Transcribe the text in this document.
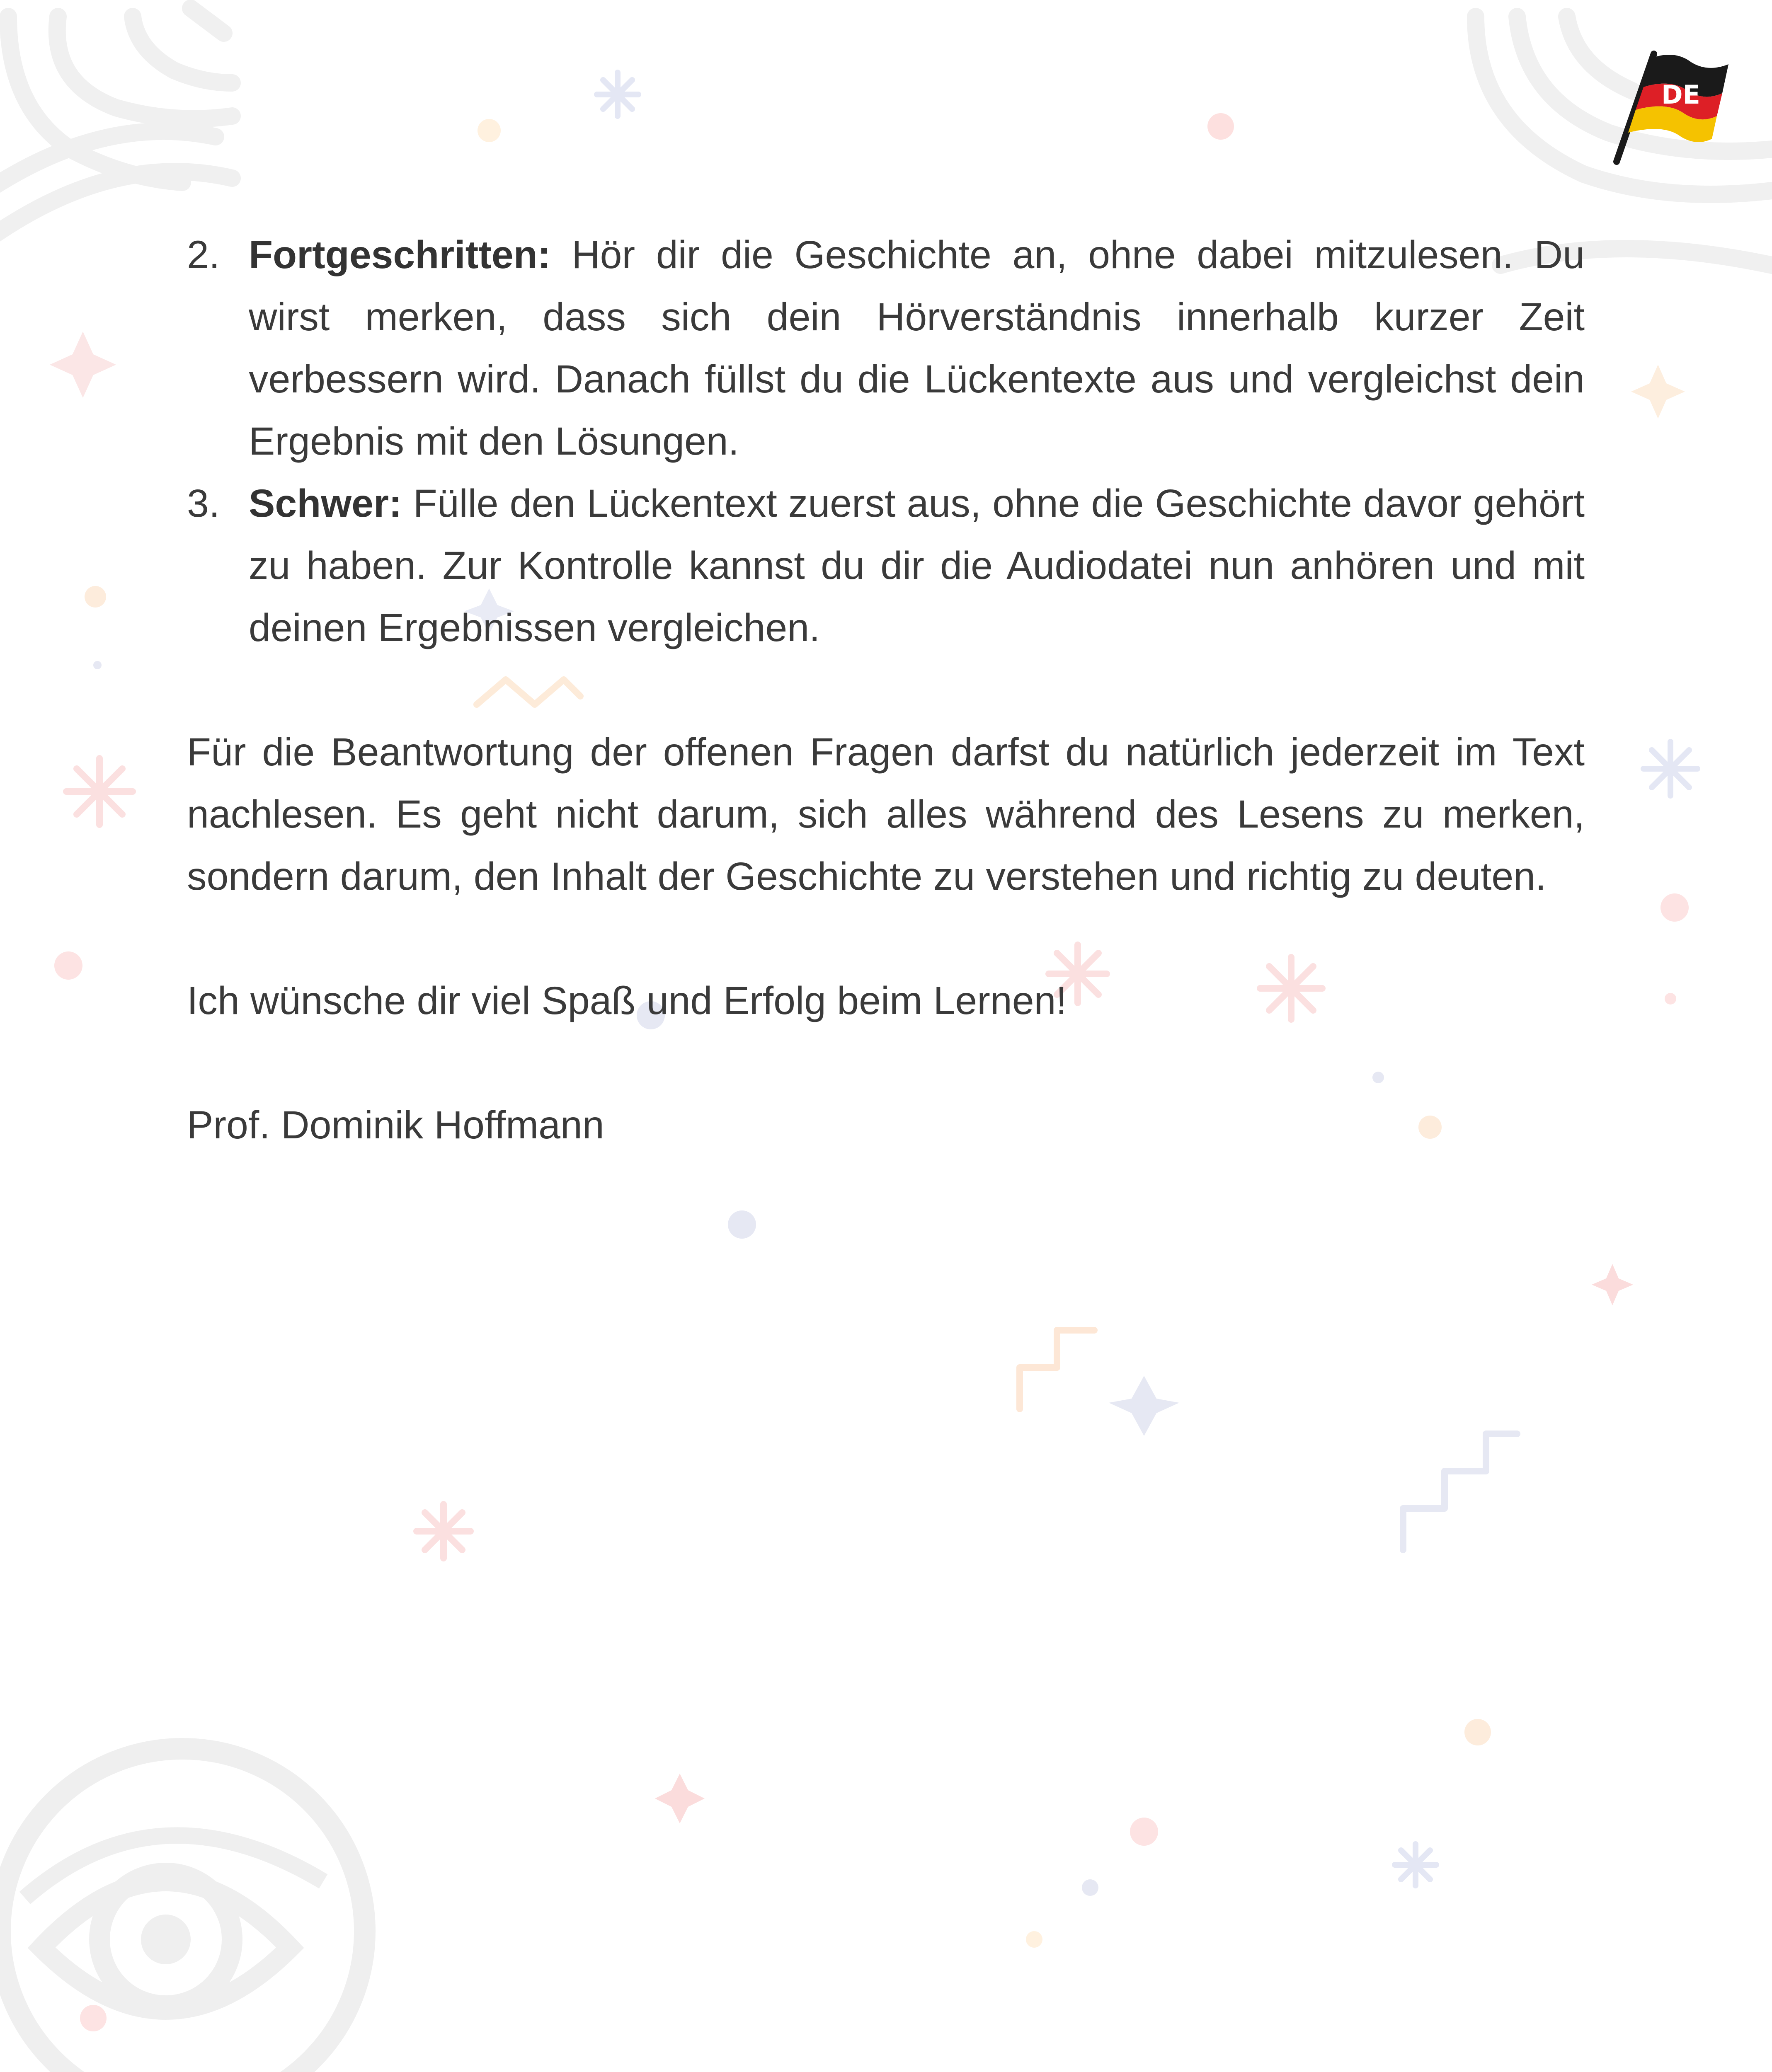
DE
2. Fortgeschritten: Hör dir die Geschichte an, ohne dabei mitzulesen. Du wirst merken, dass sich dein Hörverständnis innerhalb kurzer Zeit verbessern wird. Danach füllst du die Lückentexte aus und vergleichst dein Ergebnis mit den Lösungen.
3. Schwer: Fülle den Lückentext zuerst aus, ohne die Geschichte davor gehört zu haben. Zur Kontrolle kannst du dir die Audiodatei nun anhören und mit deinen Ergebnissen vergleichen.

Für die Beantwortung der offenen Fragen darfst du natürlich jederzeit im Text nachlesen. Es geht nicht darum, sich alles während des Lesens zu merken, sondern darum, den Inhalt der Geschichte zu verstehen und richtig zu deuten.

Ich wünsche dir viel Spaß und Erfolg beim Lernen!

Prof. Dominik Hoffmann
